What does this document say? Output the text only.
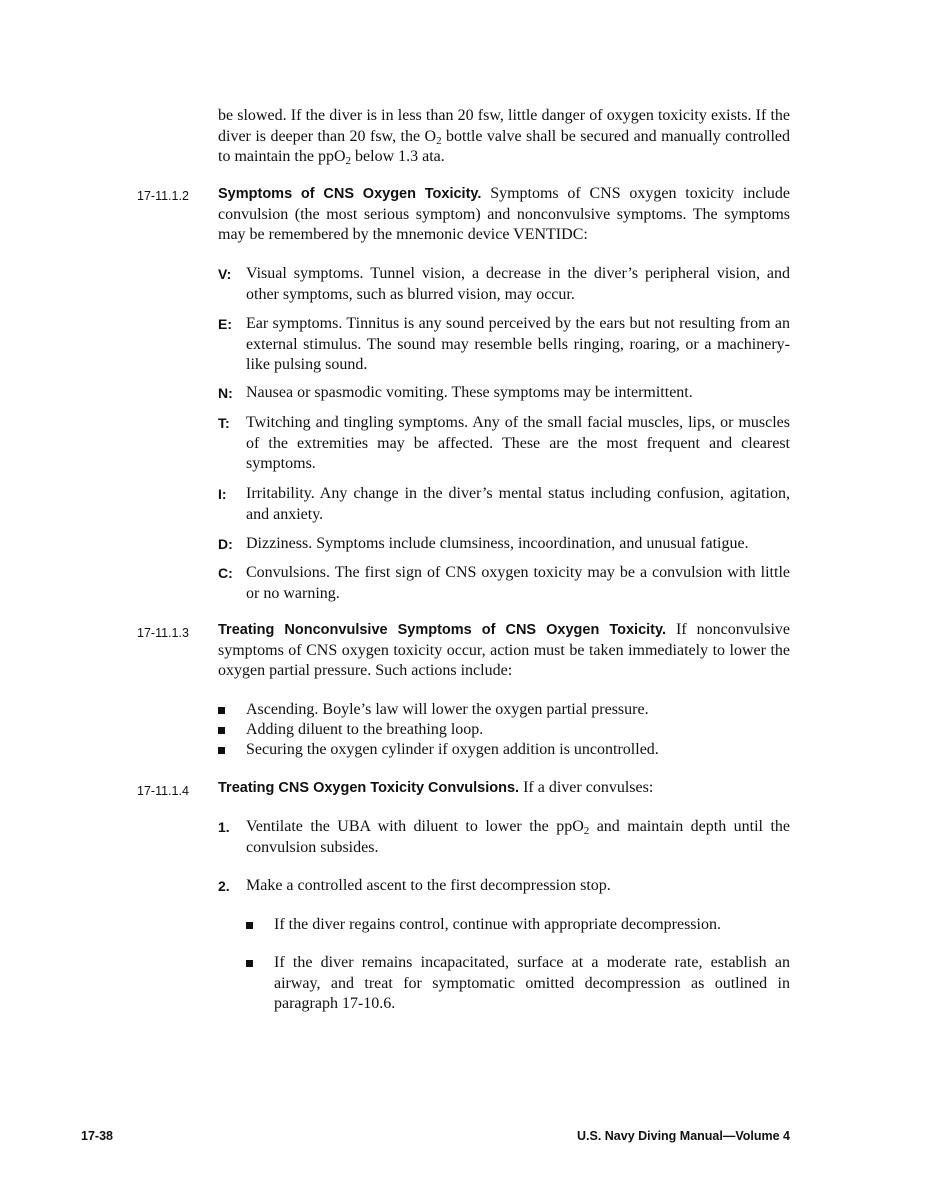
be slowed. If the diver is in less than 20 fsw, little danger of oxygen toxicity exists. If the diver is deeper than 20 fsw, the $O_2$ bottle valve shall be secured and manually controlled to maintain the ppO$_2$ below 1.3 ata.
17-11.1.2 Symptoms of CNS Oxygen Toxicity. Symptoms of CNS oxygen toxicity include convulsion (the most serious symptom) and nonconvulsive symptoms. The symptoms may be remembered by the mnemonic device VENTIDC:
V: Visual symptoms. Tunnel vision, a decrease in the diver’s peripheral vision, and other symptoms, such as blurred vision, may occur.
E: Ear symptoms. Tinnitus is any sound perceived by the ears but not resulting from an external stimulus. The sound may resemble bells ringing, roaring, or a machinery-like pulsing sound.
N: Nausea or spasmodic vomiting. These symptoms may be intermittent.
T: Twitching and tingling symptoms. Any of the small facial muscles, lips, or muscles of the extremities may be affected. These are the most frequent and clearest symptoms.
I: Irritability. Any change in the diver’s mental status including confusion, agitation, and anxiety.
D: Dizziness. Symptoms include clumsiness, incoordination, and unusual fatigue.
C: Convulsions. The first sign of CNS oxygen toxicity may be a convulsion with little or no warning.
17-11.1.3 Treating Nonconvulsive Symptoms of CNS Oxygen Toxicity. If nonconvulsive symptoms of CNS oxygen toxicity occur, action must be taken immediately to lower the oxygen partial pressure. Such actions include:
Ascending. Boyle’s law will lower the oxygen partial pressure.
Adding diluent to the breathing loop.
Securing the oxygen cylinder if oxygen addition is uncontrolled.
17-11.1.4 Treating CNS Oxygen Toxicity Convulsions. If a diver convulses:
1. Ventilate the UBA with diluent to lower the ppO$_2$ and maintain depth until the convulsion subsides.
2. Make a controlled ascent to the first decompression stop.
If the diver regains control, continue with appropriate decompression.
If the diver remains incapacitated, surface at a moderate rate, establish an airway, and treat for symptomatic omitted decompression as outlined in paragraph 17-10.6.
17-38	U.S. Navy Diving Manual—Volume 4
